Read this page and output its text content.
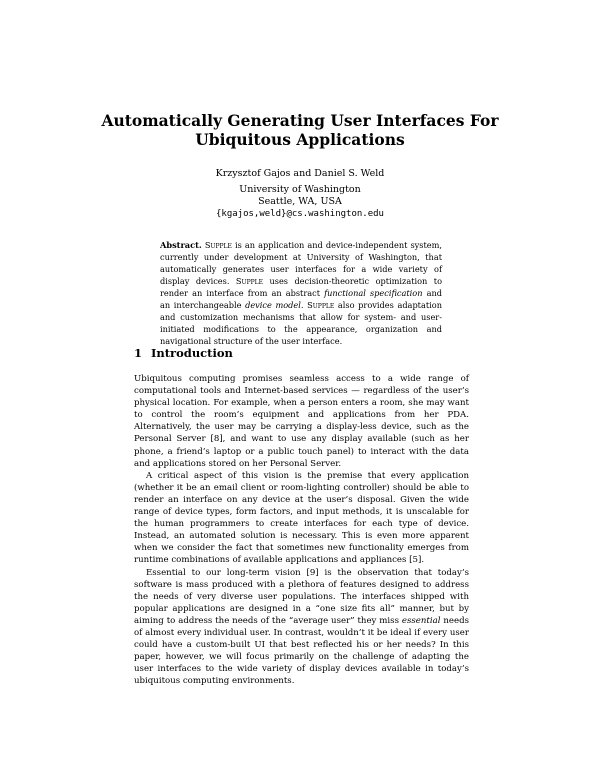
Automatically Generating User Interfaces For
Ubiquitous Applications
Krzysztof Gajos and Daniel S. Weld
University of Washington
Seattle, WA, USA
{kgajos,weld}@cs.washington.edu
Abstract. Supple is an application and device-independent system, currently under development at University of Washington, that automatically generates user interfaces for a wide variety of display devices. Supple uses decision-theoretic optimization to render an interface from an abstract functional specification and an interchangeable device model. Supple also provides adaptation and customization mechanisms that allow for system- and user-initiated modifications to the appearance, organization and navigational structure of the user interface.
1 Introduction

Ubiquitous computing promises seamless access to a wide range of computational tools and Internet-based services — regardless of the user’s physical location. For example, when a person enters a room, she may want to control the room’s equipment and applications from her PDA. Alternatively, the user may be carrying a display-less device, such as the Personal Server [8], and want to use any display available (such as her phone, a friend’s laptop or a public touch panel) to interact with the data and applications stored on her Personal Server.

A critical aspect of this vision is the premise that every application (whether it be an email client or room-lighting controller) should be able to render an interface on any device at the user’s disposal. Given the wide range of device types, form factors, and input methods, it is unscalable for the human programmers to create interfaces for each type of device. Instead, an automated solution is necessary. This is even more apparent when we consider the fact that sometimes new functionality emerges from runtime combinations of available applications and appliances [5].

Essential to our long-term vision [9] is the observation that today’s software is mass produced with a plethora of features designed to address the needs of very diverse user populations. The interfaces shipped with popular applications are designed in a “one size fits all” manner, but by aiming to address the needs of the “average user” they miss essential needs of almost every individual user. In contrast, wouldn’t it be ideal if every user could have a custom-built UI that best reflected his or her needs? In this paper, however, we will focus primarily on the challenge of adapting the user interfaces to the wide variety of display devices available in today’s ubiquitous computing environments.
